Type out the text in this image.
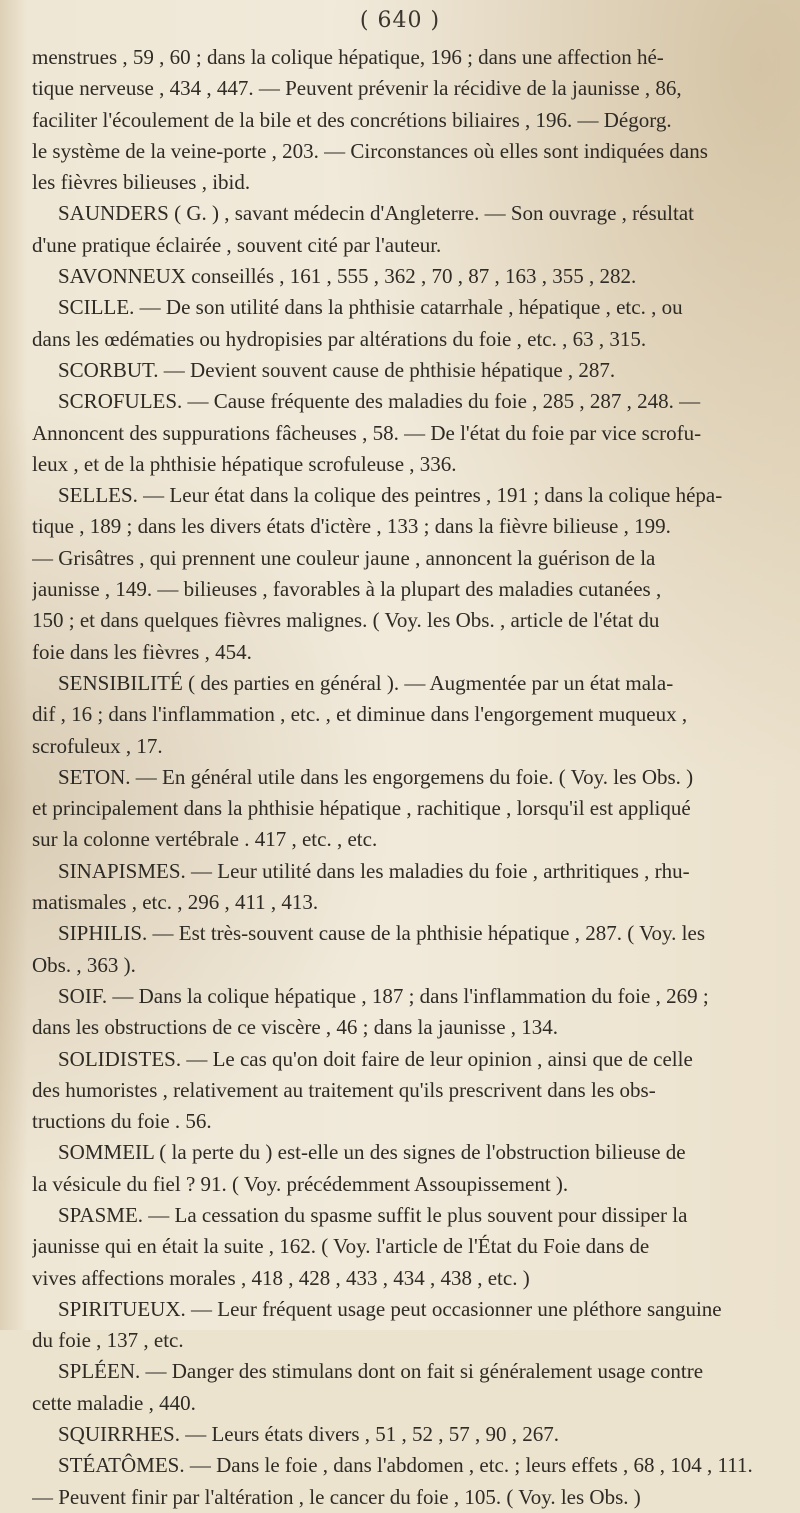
( 640 )
menstrues , 59 , 60 ; dans la colique hépatique, 196 ; dans une affection hé-
tique nerveuse , 434 , 447. — Peuvent prévenir la récidive de la jaunisse , 86,
faciliter l'écoulement de la bile et des concrétions biliaires , 196. — Dégorg.
le système de la veine-porte , 203. — Circonstances où elles sont indiquées dans
les fièvres bilieuses , ibid.
SAUNDERS ( G. ) , savant médecin d'Angleterre. — Son ouvrage , résultat
d'une pratique éclairée , souvent cité par l'auteur.
SAVONNEUX conseillés , 161 , 555 , 362 , 70 , 87 , 163 , 355 , 282.
SCILLE. — De son utilité dans la phthisie catarrhale , hépatique , etc. , ou
dans les œdématies ou hydropisies par altérations du foie , etc. , 63 , 315.
SCORBUT. — Devient souvent cause de phthisie hépatique , 287.
SCROFULES. — Cause fréquente des maladies du foie , 285 , 287 , 248. —
Annoncent des suppurations fâcheuses , 58. — De l'état du foie par vice scrofu-
leux , et de la phthisie hépatique scrofuleuse , 336.
SELLES. — Leur état dans la colique des peintres , 191 ; dans la colique hépa-
tique , 189 ; dans les divers états d'ictère , 133 ; dans la fièvre bilieuse , 199.
— Grisâtres , qui prennent une couleur jaune , annoncent la guérison de la
jaunisse , 149. — bilieuses , favorables à la plupart des maladies cutanées ,
150 ; et dans quelques fièvres malignes. ( Voy. les Obs. , article de l'état du
foie dans les fièvres , 454.
SENSIBILITÉ ( des parties en général ). — Augmentée par un état mala-
dif , 16 ; dans l'inflammation , etc. , et diminue dans l'engorgement muqueux ,
scrofuleux , 17.
SETON. — En général utile dans les engorgemens du foie. ( Voy. les Obs. )
et principalement dans la phthisie hépatique , rachitique , lorsqu'il est appliqué
sur la colonne vertébrale . 417 , etc. , etc.
SINAPISMES. — Leur utilité dans les maladies du foie , arthritiques , rhu-
matismales , etc. , 296 , 411 , 413.
SIPHILIS. — Est très-souvent cause de la phthisie hépatique , 287. ( Voy. les
Obs. , 363 ).
SOIF. — Dans la colique hépatique , 187 ; dans l'inflammation du foie , 269 ;
dans les obstructions de ce viscère , 46 ; dans la jaunisse , 134.
SOLIDISTES. — Le cas qu'on doit faire de leur opinion , ainsi que de celle
des humoristes , relativement au traitement qu'ils prescrivent dans les obs-
tructions du foie . 56.
SOMMEIL ( la perte du ) est-elle un des signes de l'obstruction bilieuse de
la vésicule du fiel ? 91. ( Voy. précédemment Assoupissement ).
SPASME. — La cessation du spasme suffit le plus souvent pour dissiper la
jaunisse qui en était la suite , 162. ( Voy. l'article de l'État du Foie dans de
vives affections morales , 418 , 428 , 433 , 434 , 438 , etc. )
SPIRITUEUX. — Leur fréquent usage peut occasionner une pléthore sanguine
du foie , 137 , etc.
SPLÉEN. — Danger des stimulans dont on fait si généralement usage contre
cette maladie , 440.
SQUIRRHES. — Leurs états divers , 51 , 52 , 57 , 90 , 267.
STÉATÔMES. — Dans le foie , dans l'abdomen , etc. ; leurs effets , 68 , 104 , 111.
— Peuvent finir par l'altération , le cancer du foie , 105. ( Voy. les Obs. )
